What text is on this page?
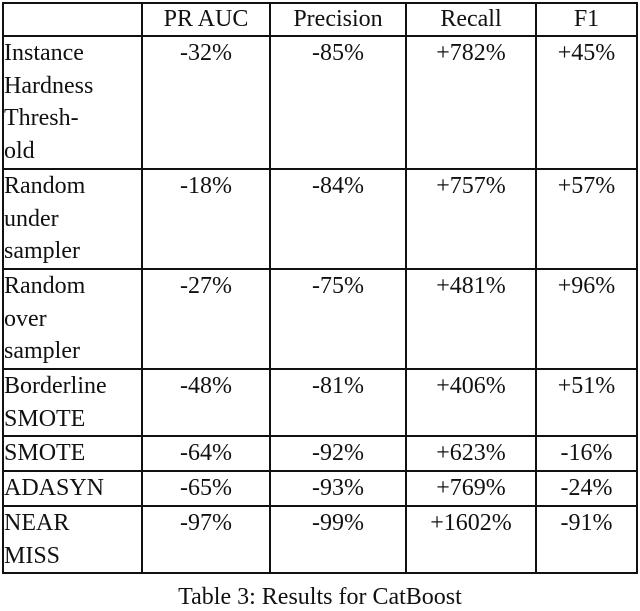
	PR AUC	Precision	Recall	F1

Instance
Hardness
Thresh-
old	-32%	-85%	+782%	+45%

Random
under
sampler	-18%	-84%	+757%	+57%

Random
over
sampler	-27%	-75%	+481%	+96%

Borderline
SMOTE	-48%	-81%	+406%	+51%

SMOTE	-64%	-92%	+623%	-16%

ADASYN	-65%	-93%	+769%	-24%

NEAR
MISS	-97%	-99%	+1602%	-91%
Table 3: Results for CatBoost
